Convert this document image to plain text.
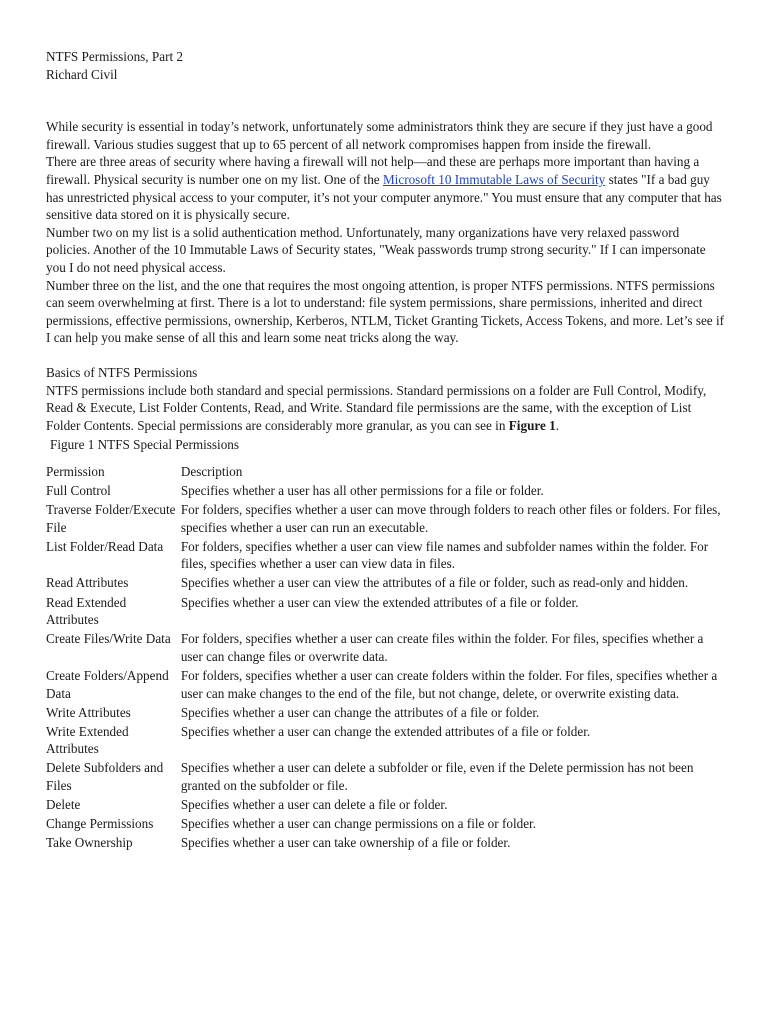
NTFS Permissions, Part 2

Richard Civil

While security is essential in today’s network, unfortunately some administrators think they are secure if they just have a good firewall. Various studies suggest that up to 65 percent of all network compromises happen from inside the firewall.

There are three areas of security where having a firewall will not help—and these are perhaps more important than having a firewall. Physical security is number one on my list. One of the Microsoft 10 Immutable Laws of Security states "If a bad guy has unrestricted physical access to your computer, it’s not your computer anymore." You must ensure that any computer that has sensitive data stored on it is physically secure.

Number two on my list is a solid authentication method. Unfortunately, many organizations have very relaxed password policies. Another of the 10 Immutable Laws of Security states, "Weak passwords trump strong security." If I can impersonate you I do not need physical access.

Number three on the list, and the one that requires the most ongoing attention, is proper NTFS permissions. NTFS permissions can seem overwhelming at first. There is a lot to understand: file system permissions, share permissions, inherited and direct permissions, effective permissions, ownership, Kerberos, NTLM, Ticket Granting Tickets, Access Tokens, and more. Let’s see if I can help you make sense of all this and learn some neat tricks along the way.

Basics of NTFS Permissions

NTFS permissions include both standard and special permissions. Standard permissions on a folder are Full Control, Modify, Read & Execute, List Folder Contents, Read, and Write. Standard file permissions are the same, with the exception of List Folder Contents. Special permissions are considerably more granular, as you can see in Figure 1.

Figure 1 NTFS Special Permissions

Permission	Description
Full Control	Specifies whether a user has all other permissions for a file or folder.
Traverse Folder/Execute File	For folders, specifies whether a user can move through folders to reach other files or folders. For files, specifies whether a user can run an executable.
List Folder/Read Data	For folders, specifies whether a user can view file names and subfolder names within the folder. For files, specifies whether a user can view data in files.
Read Attributes	Specifies whether a user can view the attributes of a file or folder, such as read-only and hidden.
Read Extended Attributes	Specifies whether a user can view the extended attributes of a file or folder.
Create Files/Write Data	For folders, specifies whether a user can create files within the folder. For files, specifies whether a user can change files or overwrite data.
Create Folders/Append Data	For folders, specifies whether a user can create folders within the folder. For files, specifies whether a user can make changes to the end of the file, but not change, delete, or overwrite existing data.
Write Attributes	Specifies whether a user can change the attributes of a file or folder.
Write Extended Attributes	Specifies whether a user can change the extended attributes of a file or folder.
Delete Subfolders and Files	Specifies whether a user can delete a subfolder or file, even if the Delete permission has not been granted on the subfolder or file.
Delete	Specifies whether a user can delete a file or folder.
Change Permissions	Specifies whether a user can change permissions on a file or folder.
Take Ownership	Specifies whether a user can take ownership of a file or folder.
